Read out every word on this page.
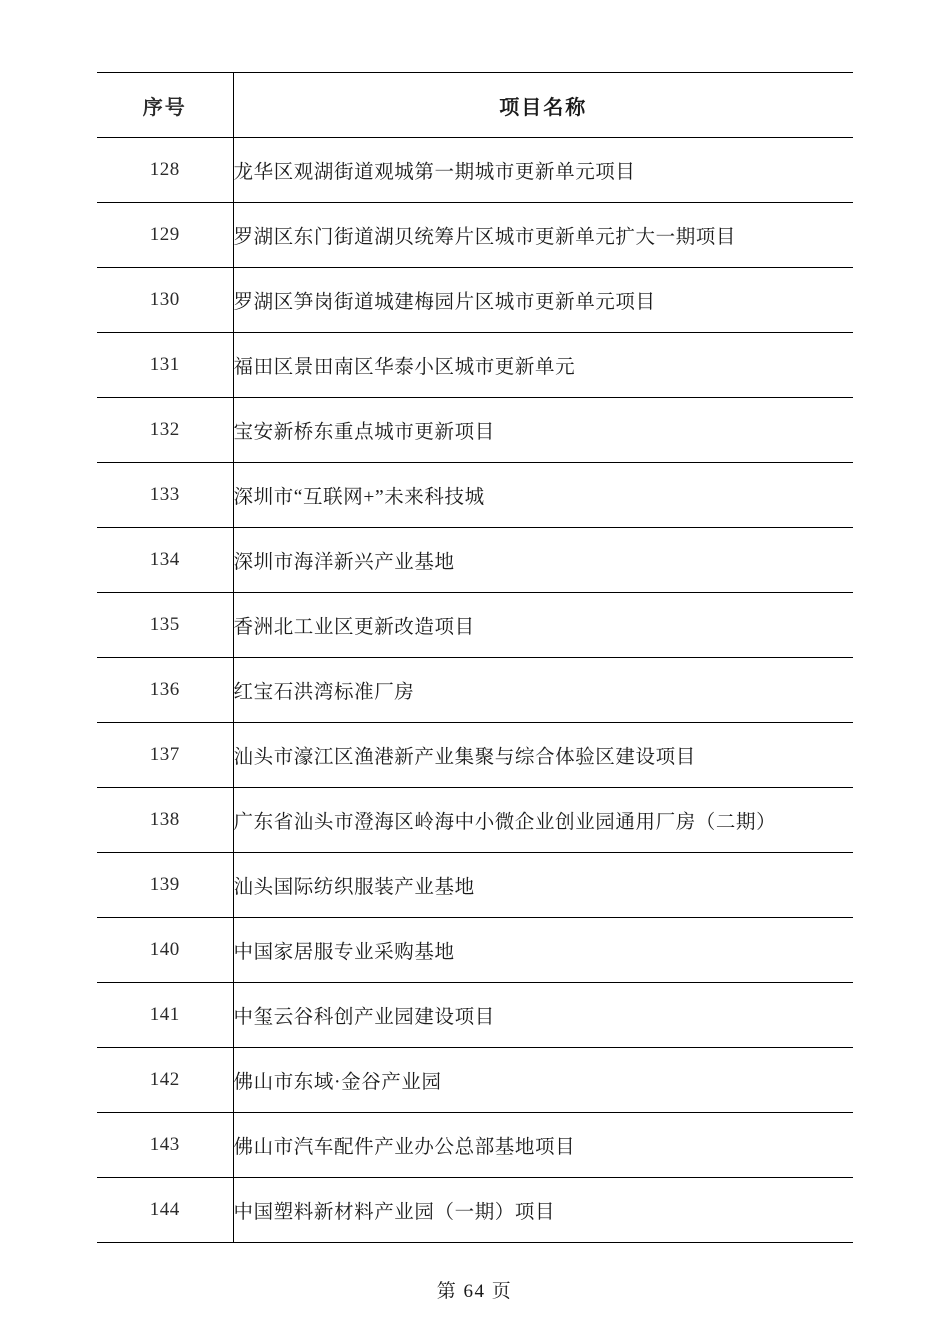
序号	项目名称
128	龙华区观湖街道观城第一期城市更新单元项目
129	罗湖区东门街道湖贝统筹片区城市更新单元扩大一期项目
130	罗湖区笋岗街道城建梅园片区城市更新单元项目
131	福田区景田南区华泰小区城市更新单元
132	宝安新桥东重点城市更新项目
133	深圳市“互联网+”未来科技城
134	深圳市海洋新兴产业基地
135	香洲北工业区更新改造项目
136	红宝石洪湾标准厂房
137	汕头市濠江区渔港新产业集聚与综合体验区建设项目
138	广东省汕头市澄海区岭海中小微企业创业园通用厂房（二期）
139	汕头国际纺织服装产业基地
140	中国家居服专业采购基地
141	中玺云谷科创产业园建设项目
142	佛山市东域·金谷产业园
143	佛山市汽车配件产业办公总部基地项目
144	中国塑料新材料产业园（一期）项目
第 64 页
